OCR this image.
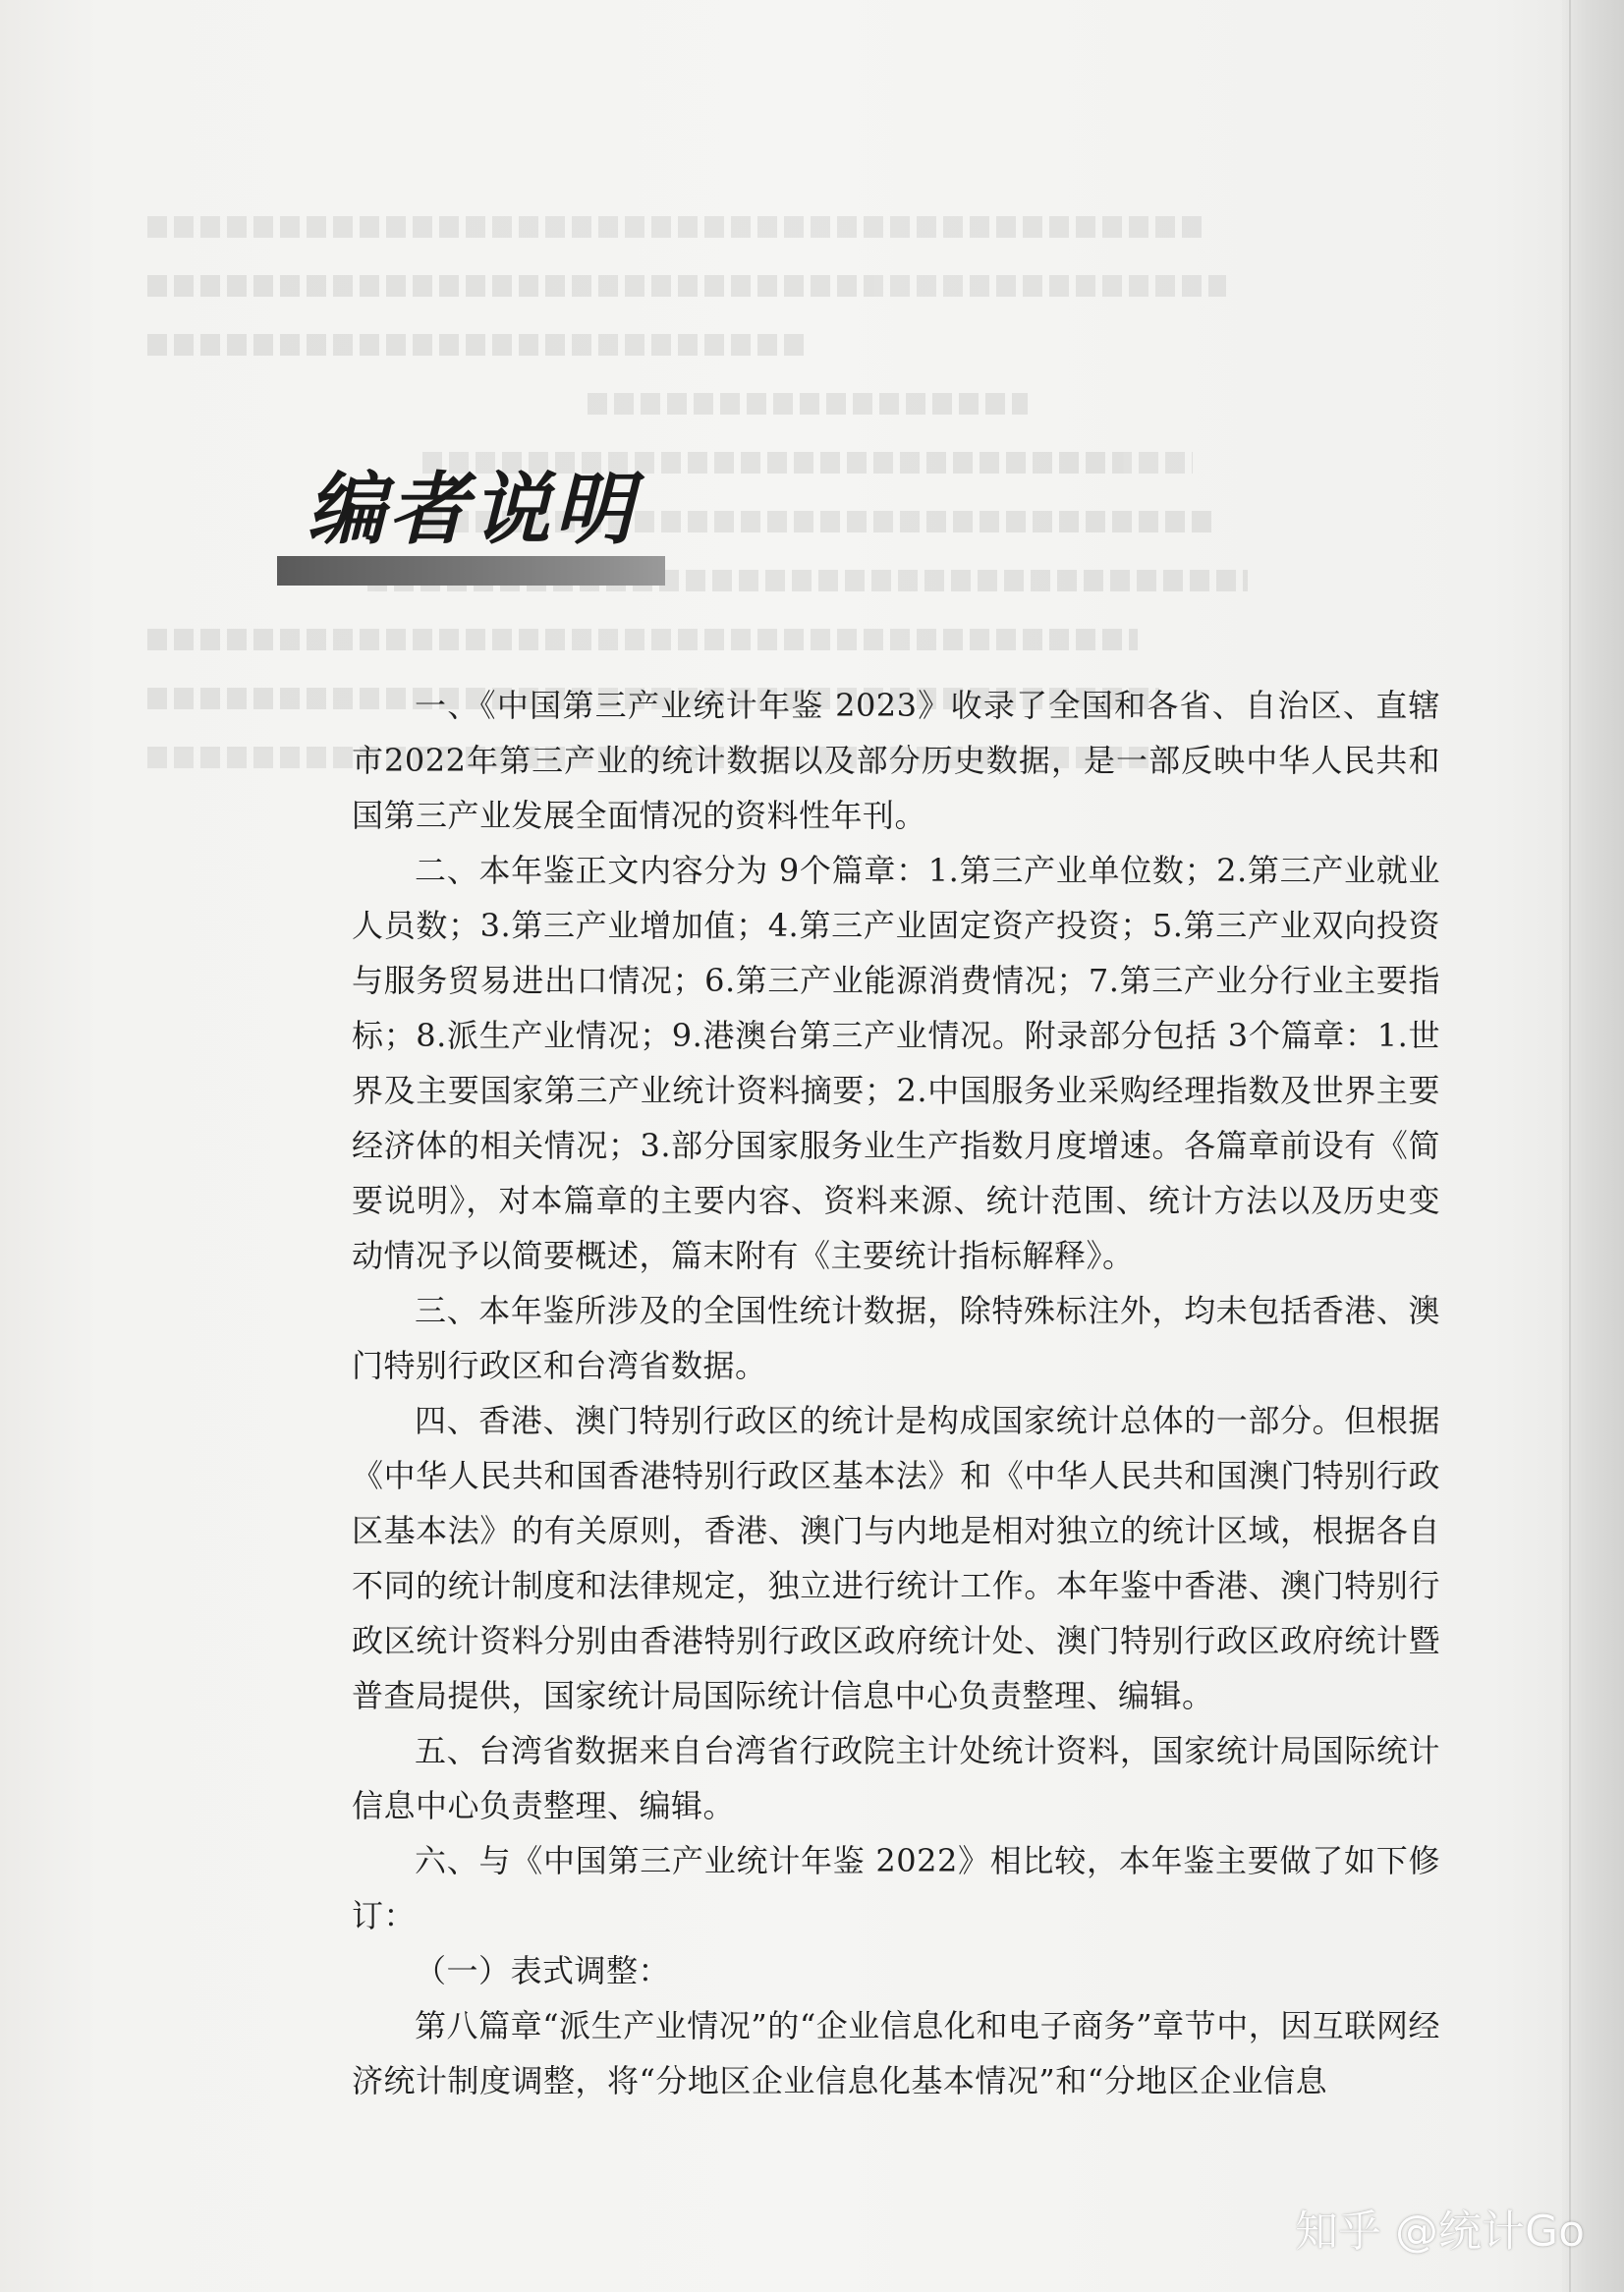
编者说明

一、《中国第三产业统计年鉴 2023》收录了全国和各省、自治区、直辖市2022年第三产业的统计数据以及部分历史数据，是一部反映中华人民共和国第三产业发展全面情况的资料性年刊。

二、本年鉴正文内容分为 9个篇章：1.第三产业单位数；2.第三产业就业人员数；3.第三产业增加值；4.第三产业固定资产投资；5.第三产业双向投资与服务贸易进出口情况；6.第三产业能源消费情况；7.第三产业分行业主要指标；8.派生产业情况；9.港澳台第三产业情况。附录部分包括 3个篇章：1.世界及主要国家第三产业统计资料摘要；2.中国服务业采购经理指数及世界主要经济体的相关情况；3.部分国家服务业生产指数月度增速。各篇章前设有《简要说明》，对本篇章的主要内容、资料来源、统计范围、统计方法以及历史变动情况予以简要概述，篇末附有《主要统计指标解释》。

三、本年鉴所涉及的全国性统计数据，除特殊标注外，均未包括香港、澳门特别行政区和台湾省数据。

四、香港、澳门特别行政区的统计是构成国家统计总体的一部分。但根据《中华人民共和国香港特别行政区基本法》和《中华人民共和国澳门特别行政区基本法》的有关原则，香港、澳门与内地是相对独立的统计区域，根据各自不同的统计制度和法律规定，独立进行统计工作。本年鉴中香港、澳门特别行政区统计资料分别由香港特别行政区政府统计处、澳门特别行政区政府统计暨普查局提供，国家统计局国际统计信息中心负责整理、编辑。

五、台湾省数据来自台湾省行政院主计处统计资料，国家统计局国际统计信息中心负责整理、编辑。

六、与《中国第三产业统计年鉴 2022》相比较，本年鉴主要做了如下修订：

（一）表式调整：

第八篇章“派生产业情况”的“企业信息化和电子商务”章节中，因互联网经济统计制度调整，将“分地区企业信息化基本情况”和“分地区企业信息

知乎 @统计Go
